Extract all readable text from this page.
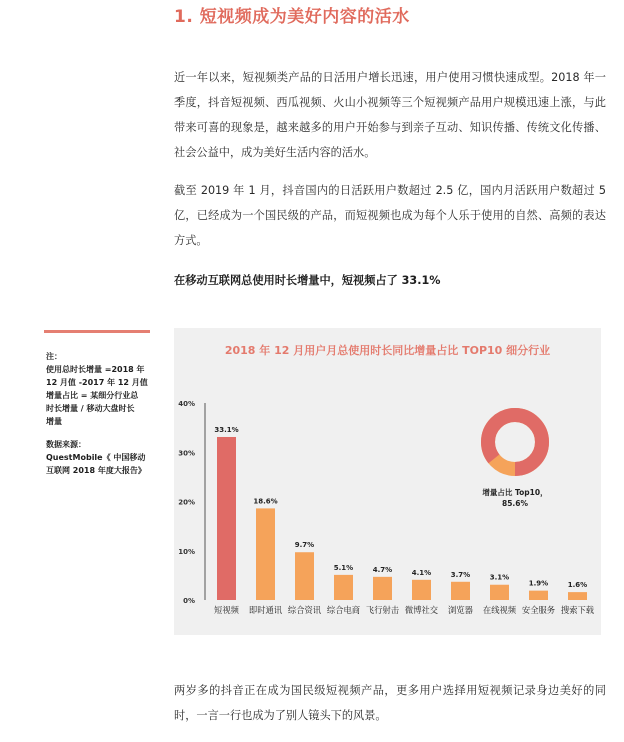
1. 短视频成为美好内容的活水

近一年以来，短视频类产品的日活用户增长迅速，用户使用习惯快速成型。2018 年一季度，抖音短视频、西瓜视频、火山小视频等三个短视频产品用户规模迅速上涨，与此带来可喜的现象是，越来越多的用户开始参与到亲子互动、知识传播、传统文化传播、社会公益中，成为美好生活内容的活水。

截至 2019 年 1 月，抖音国内的日活跃用户数超过 2.5 亿，国内月活跃用户数超过 5 亿，已经成为一个国民级的产品，而短视频也成为每个人乐于使用的自然、高频的表达方式。

在移动互联网总使用时长增量中，短视频占了 33.1%
注：
使用总时长增量 =2018 年
12 月值 -2017 年 12 月值
增量占比 = 某细分行业总
时长增量 / 移动大盘时长
增量
数据来源：
QuestMobile《 中国移动
互联网 2018 年度大报告》
2018 年 12 月用户月总使用时长同比增量占比 TOP10 细分行业
0%
10%
20%
30%
40%
33.1%
短视频
18.6%
即时通讯
9.7%
综合资讯
5.1%
综合电商
4.7%
飞行射击
4.1%
微博社交
3.7%
浏览器
3.1%
在线视频
1.9%
安全服务
1.6%
搜索下载
增量占比 Top10，
85.6%

两岁多的抖音正在成为国民级短视频产品，更多用户选择用短视频记录身边美好的同时，一言一行也成为了别人镜头下的风景。
